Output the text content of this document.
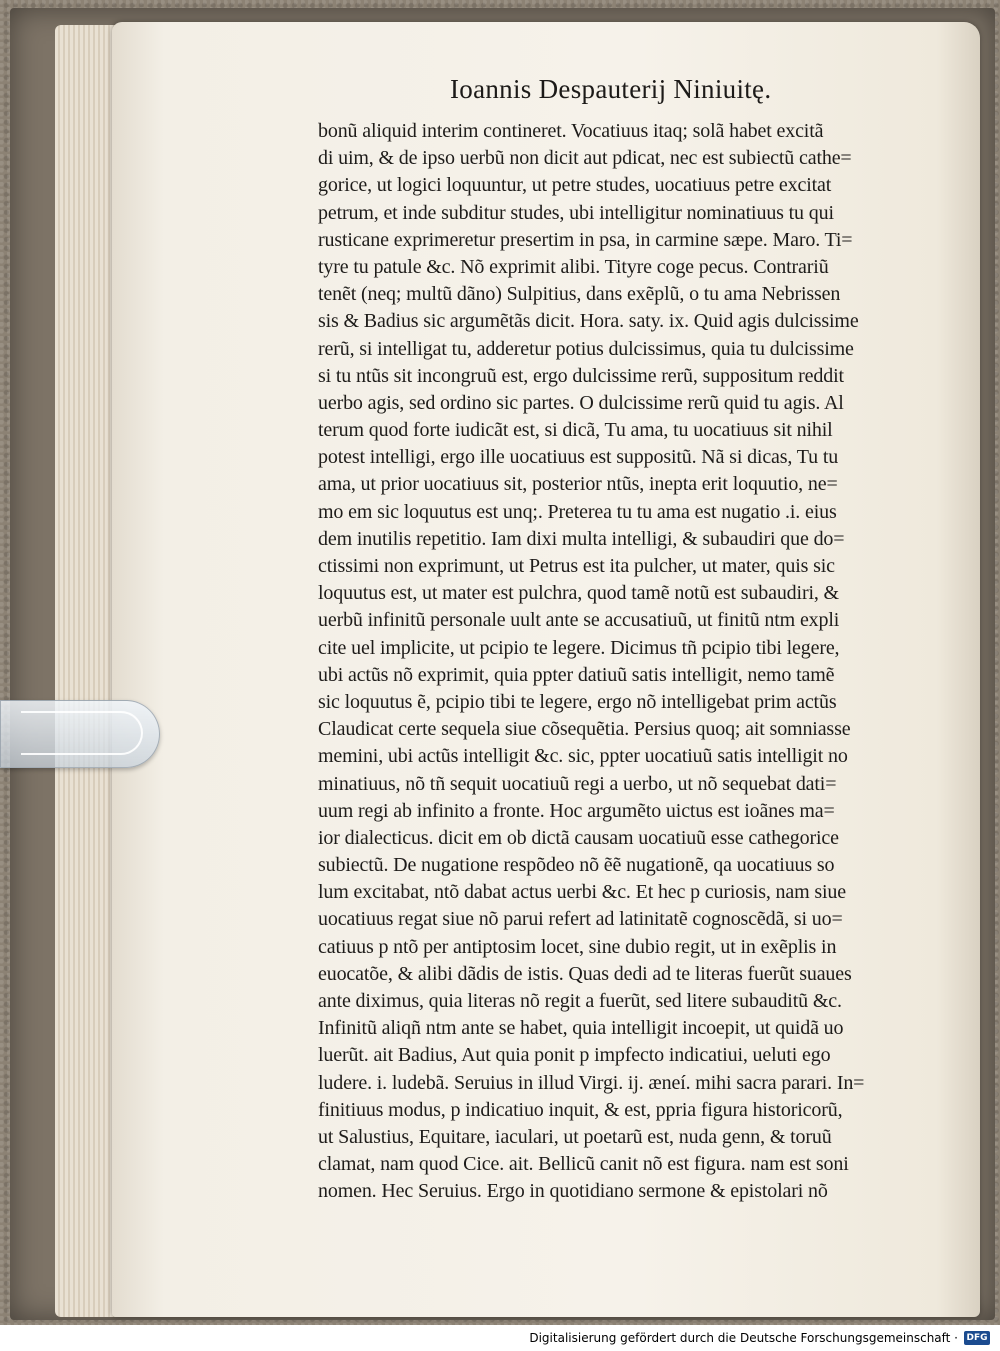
Ioannis Despauterij Niniuitę.
bonũ aliquid interim contineret. Vocatiuus itaq; solã habet excitã
di uim, & de ipso uerbũ non dicit aut pdicat, nec est subiectũ cathe=
gorice, ut logici loquuntur, ut petre studes, uocatiuus petre excitat
petrum, et inde subditur studes, ubi intelligitur nominatiuus tu qui
rusticane exprimeretur presertim in psa, in carmine sæpe. Maro. Ti=
tyre tu patule &c. Nõ exprimit alibi. Tityre coge pecus. Contrariũ
tenẽt (neq; multũ dãno) Sulpitius, dans exẽplũ, o tu ama Nebrissen
sis & Badius sic argumẽtãs dicit. Hora. saty. ix. Quid agis dulcissime
rerũ, si intelligat tu, adderetur potius dulcissimus, quia tu dulcissime
si tu ntũs sit incongruũ est, ergo dulcissime rerũ, suppositum reddit
uerbo agis, sed ordino sic partes. O dulcissime rerũ quid tu agis. Al
terum quod forte iudicãt est, si dicã, Tu ama, tu uocatiuus sit nihil
potest intelligi, ergo ille uocatiuus est suppositũ. Nã si dicas, Tu tu
ama, ut prior uocatiuus sit, posterior ntũs, inepta erit loquutio, ne=
mo em sic loquutus est unq;. Preterea tu tu ama est nugatio .i. eius
dem inutilis repetitio. Iam dixi multa intelligi, & subaudiri que do=
ctissimi non exprimunt, ut Petrus est ita pulcher, ut mater, quis sic
loquutus est, ut mater est pulchra, quod tamẽ notũ est subaudiri, &
uerbũ infinitũ personale uult ante se accusatiuũ, ut finitũ ntm expli
cite uel implicite, ut pcipio te legere. Dicimus tñ pcipio tibi legere,
ubi actũs nõ exprimit, quia ppter datiuũ satis intelligit, nemo tamẽ
sic loquutus ẽ, pcipio tibi te legere, ergo nõ intelligebat prim actũs
Claudicat certe sequela siue cõsequẽtia. Persius quoq; ait somniasse
memini, ubi actũs intelligit &c. sic, ppter uocatiuũ satis intelligit no
minatiuus, nõ tñ sequit uocatiuũ regi a uerbo, ut nõ sequebat dati=
uum regi ab infinito a fronte. Hoc argumẽto uictus est ioãnes ma=
ior dialecticus. dicit em ob dictã causam uocatiuũ esse cathegorice
subiectũ. De nugatione respõdeo nõ ẽẽ nugationẽ, qa uocatiuus so
lum excitabat, ntõ dabat actus uerbi &c. Et hec p curiosis, nam siue
uocatiuus regat siue nõ parui refert ad latinitatẽ cognoscẽdã, si uo=
catiuus p ntõ per antiptosim locet, sine dubio regit, ut in exẽplis in
euocatõe, & alibi dãdis de istis. Quas dedi ad te literas fuerũt suaues
ante diximus, quia literas nõ regit a fuerũt, sed litere subauditũ &c.
Infinitũ aliqñ ntm ante se habet, quia intelligit incoepit, ut quidã uo
luerũt. ait Badius, Aut quia ponit p impfecto indicatiui, ueluti ego
ludere. i. ludebã. Seruius in illud Virgi. ij. æneí. mihi sacra parari. In=
finitiuus modus, p indicatiuo inquit, & est, ppria figura historicorũ,
ut Salustius, Equitare, iaculari, ut poetarũ est, nuda genn, & toruũ
clamat, nam quod Cice. ait. Bellicũ canit nõ est figura. nam est soni
nomen. Hec Seruius. Ergo in quotidiano sermone & epistolari nõ
Digitalisierung gefördert durch die Deutsche Forschungsgemeinschaft · DFG
